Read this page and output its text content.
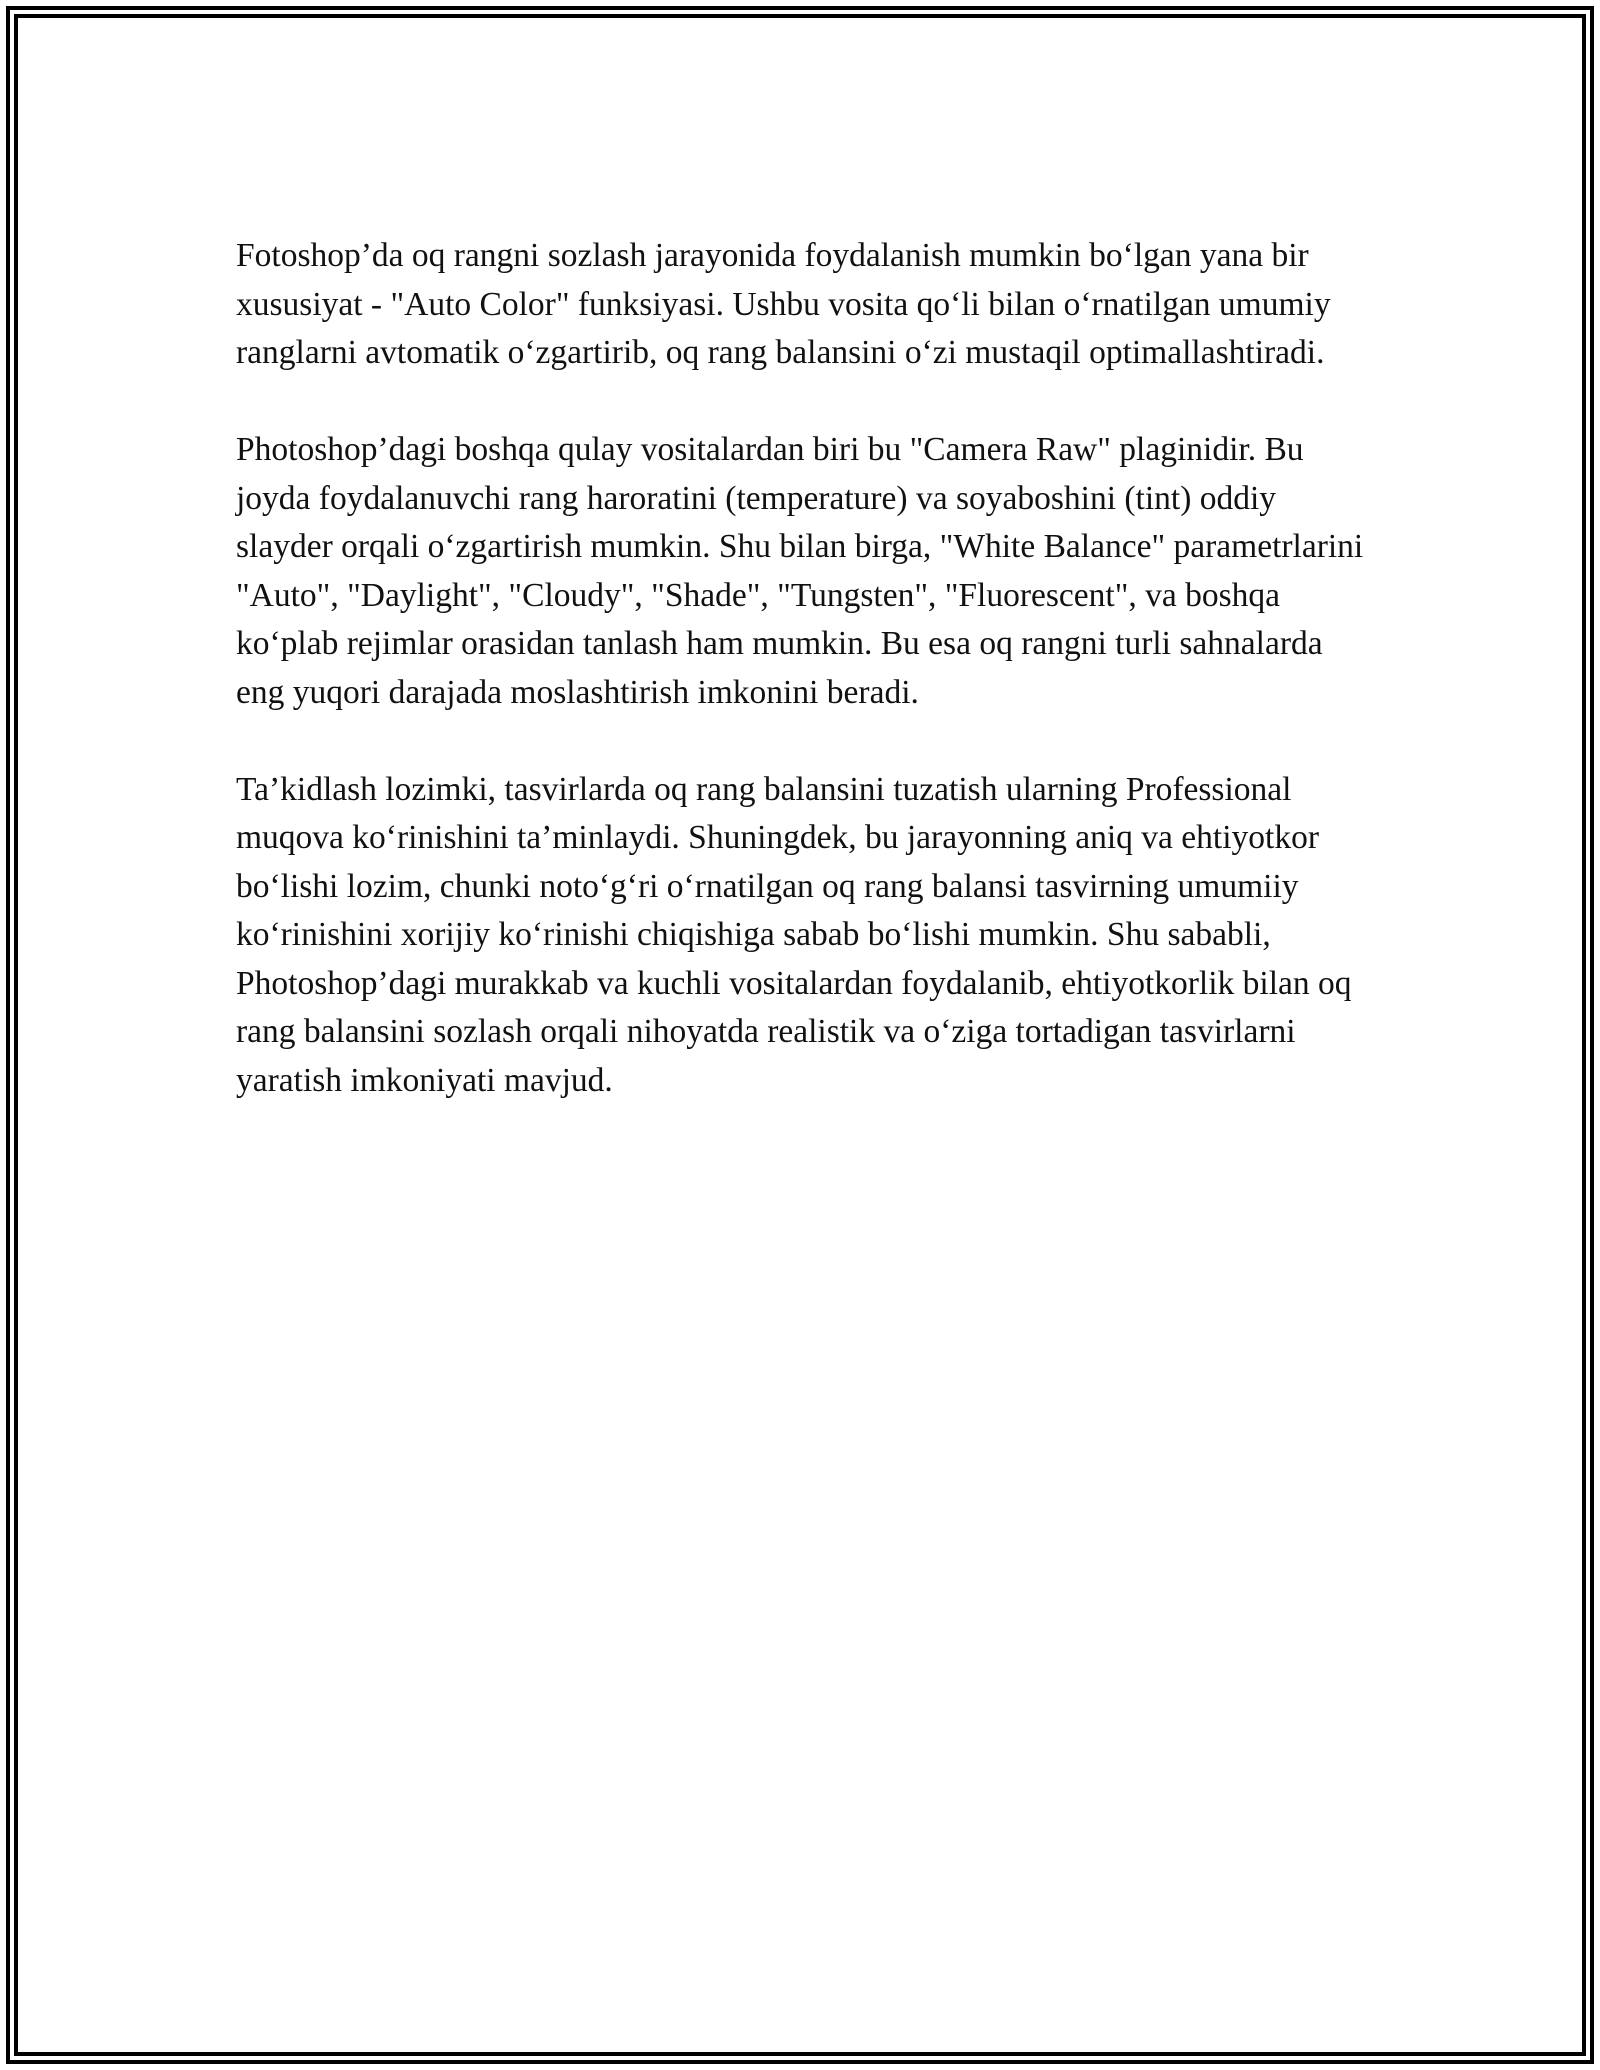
Fotoshop’da oq rangni sozlash jarayonida foydalanish mumkin bo‘lgan yana bir xususiyat - "Auto Color" funksiyasi. Ushbu vosita qo‘li bilan o‘rnatilgan umumiy ranglarni avtomatik o‘zgartirib, oq rang balansini o‘zi mustaqil optimallashtiradi.

Photoshop’dagi boshqa qulay vositalardan biri bu "Camera Raw" plaginidir. Bu joyda foydalanuvchi rang haroratini (temperature) va soyaboshini (tint) oddiy slayder orqali o‘zgartirish mumkin. Shu bilan birga, "White Balance" parametrlarini "Auto", "Daylight", "Cloudy", "Shade", "Tungsten", "Fluorescent", va boshqa ko‘plab rejimlar orasidan tanlash ham mumkin. Bu esa oq rangni turli sahnalarda eng yuqori darajada moslashtirish imkonini beradi.

Ta’kidlash lozimki, tasvirlarda oq rang balansini tuzatish ularning Professional muqova ko‘rinishini ta’minlaydi. Shuningdek, bu jarayonning aniq va ehtiyotkor bo‘lishi lozim, chunki noto‘g‘ri o‘rnatilgan oq rang balansi tasvirning umumiiy ko‘rinishini xorijiy ko‘rinishi chiqishiga sabab bo‘lishi mumkin. Shu sababli, Photoshop’dagi murakkab va kuchli vositalardan foydalanib, ehtiyotkorlik bilan oq rang balansini sozlash orqali nihoyatda realistik va o‘ziga tortadigan tasvirlarni yaratish imkoniyati mavjud.
